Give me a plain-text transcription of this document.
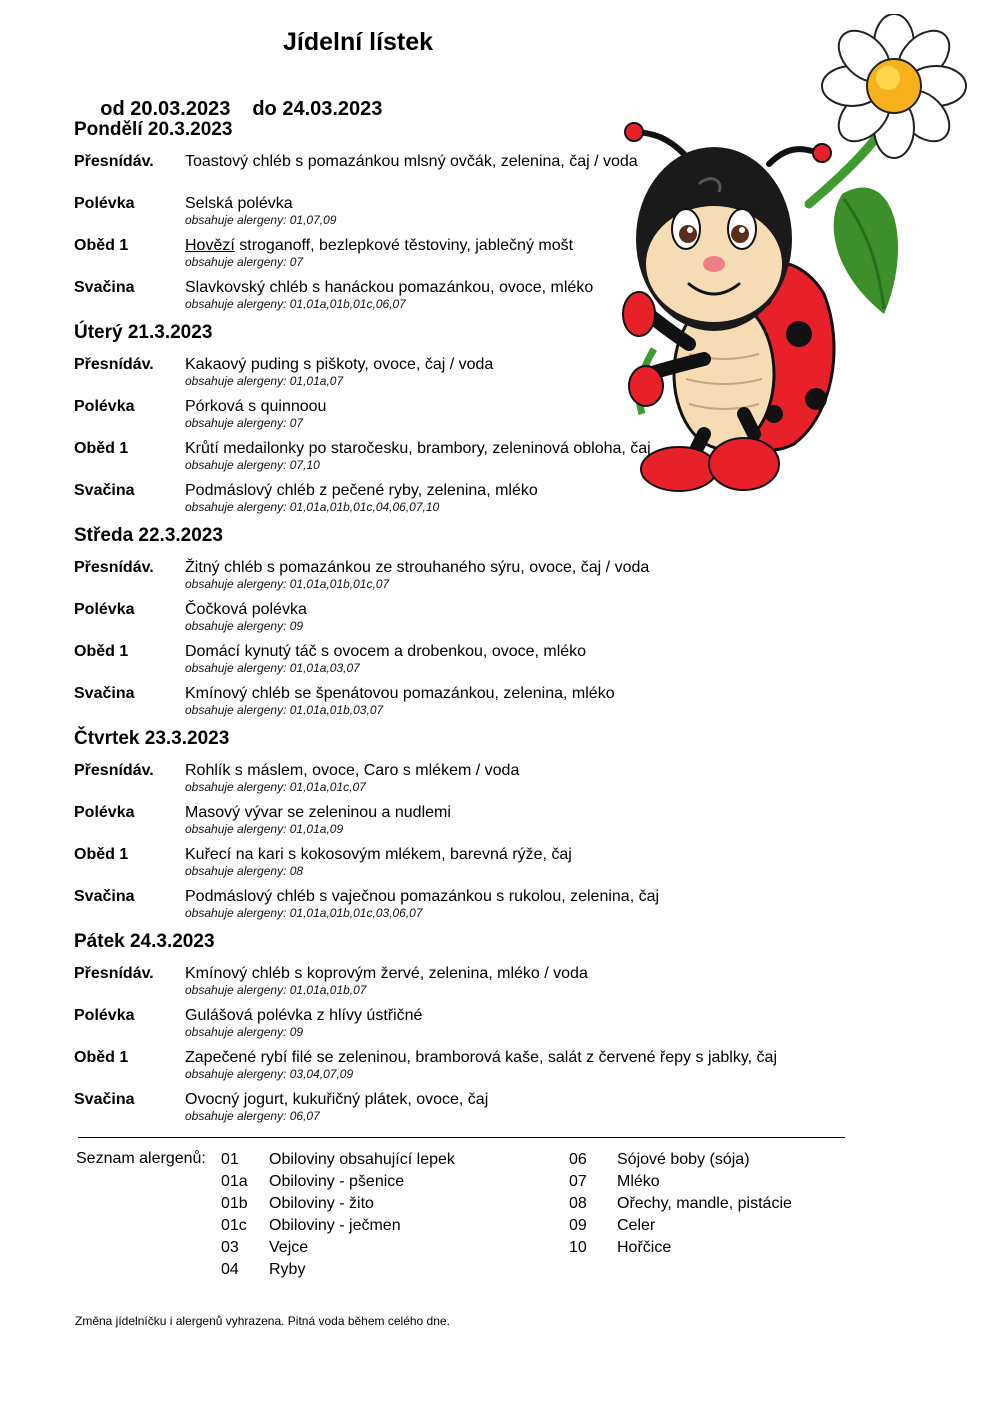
Jídelní lístek

od 20.03.2023 do 24.03.2023

Pondělí 20.3.2023
Přesnídáv.	Toastový chléb s pomazánkou mlsný ovčák, zelenina, čaj / voda
Polévka	Selská polévka
obsahuje alergeny: 01,07,09
Oběd 1	Hovězí stroganoff, bezlepkové těstoviny, jablečný mošt
obsahuje alergeny: 07
Svačina	Slavkovský chléb s hanáckou pomazánkou, ovoce, mléko
obsahuje alergeny: 01,01a,01b,01c,06,07
Úterý 21.3.2023
Přesnídáv.	Kakaový puding s piškoty, ovoce, čaj / voda
obsahuje alergeny: 01,01a,07
Polévka	Pórková s quinnoou
obsahuje alergeny: 07
Oběd 1	Krůtí medailonky po staročesku, brambory, zeleninová obloha, čaj
obsahuje alergeny: 07,10
Svačina	Podmáslový chléb z pečené ryby, zelenina, mléko
obsahuje alergeny: 01,01a,01b,01c,04,06,07,10
Středa 22.3.2023
Přesnídáv.	Žitný chléb s pomazánkou ze strouhaného sýru, ovoce, čaj / voda
obsahuje alergeny: 01,01a,01b,01c,07
Polévka	Čočková polévka
obsahuje alergeny: 09
Oběd 1	Domácí kynutý táč s ovocem a drobenkou, ovoce, mléko
obsahuje alergeny: 01,01a,03,07
Svačina	Kmínový chléb se špenátovou pomazánkou, zelenina, mléko
obsahuje alergeny: 01,01a,01b,03,07
Čtvrtek 23.3.2023
Přesnídáv.	Rohlík s máslem, ovoce, Caro s mlékem / voda
obsahuje alergeny: 01,01a,01c,07
Polévka	Masový vývar se zeleninou a nudlemi
obsahuje alergeny: 01,01a,09
Oběd 1	Kuřecí na kari s kokosovým mlékem, barevná rýže, čaj
obsahuje alergeny: 08
Svačina	Podmáslový chléb s vaječnou pomazánkou s rukolou, zelenina, čaj
obsahuje alergeny: 01,01a,01b,01c,03,06,07
Pátek 24.3.2023
Přesnídáv.	Kmínový chléb s koprovým žervé, zelenina, mléko / voda
obsahuje alergeny: 01,01a,01b,07
Polévka	Gulášová polévka z hlívy ústřičné
obsahuje alergeny: 09
Oběd 1	Zapečené rybí filé se zeleninou, bramborová kaše, salát z červené řepy s jablky, čaj
obsahuje alergeny: 03,04,07,09
Svačina	Ovocný jogurt, kukuřičný plátek, ovoce, čaj
obsahuje alergeny: 06,07
Seznam alergenů: 01 Obiloviny obsahující lepek
01a Obiloviny - pšenice
01b Obiloviny - žito
01c Obiloviny - ječmen
03 Vejce
04 Ryby
06 Sójové boby (sója)
07 Mléko
08 Ořechy, mandle, pistácie
09 Celer
10 Hořčice
Změna jídelníčku i alergenů vyhrazena. Pitná voda během celého dne.
